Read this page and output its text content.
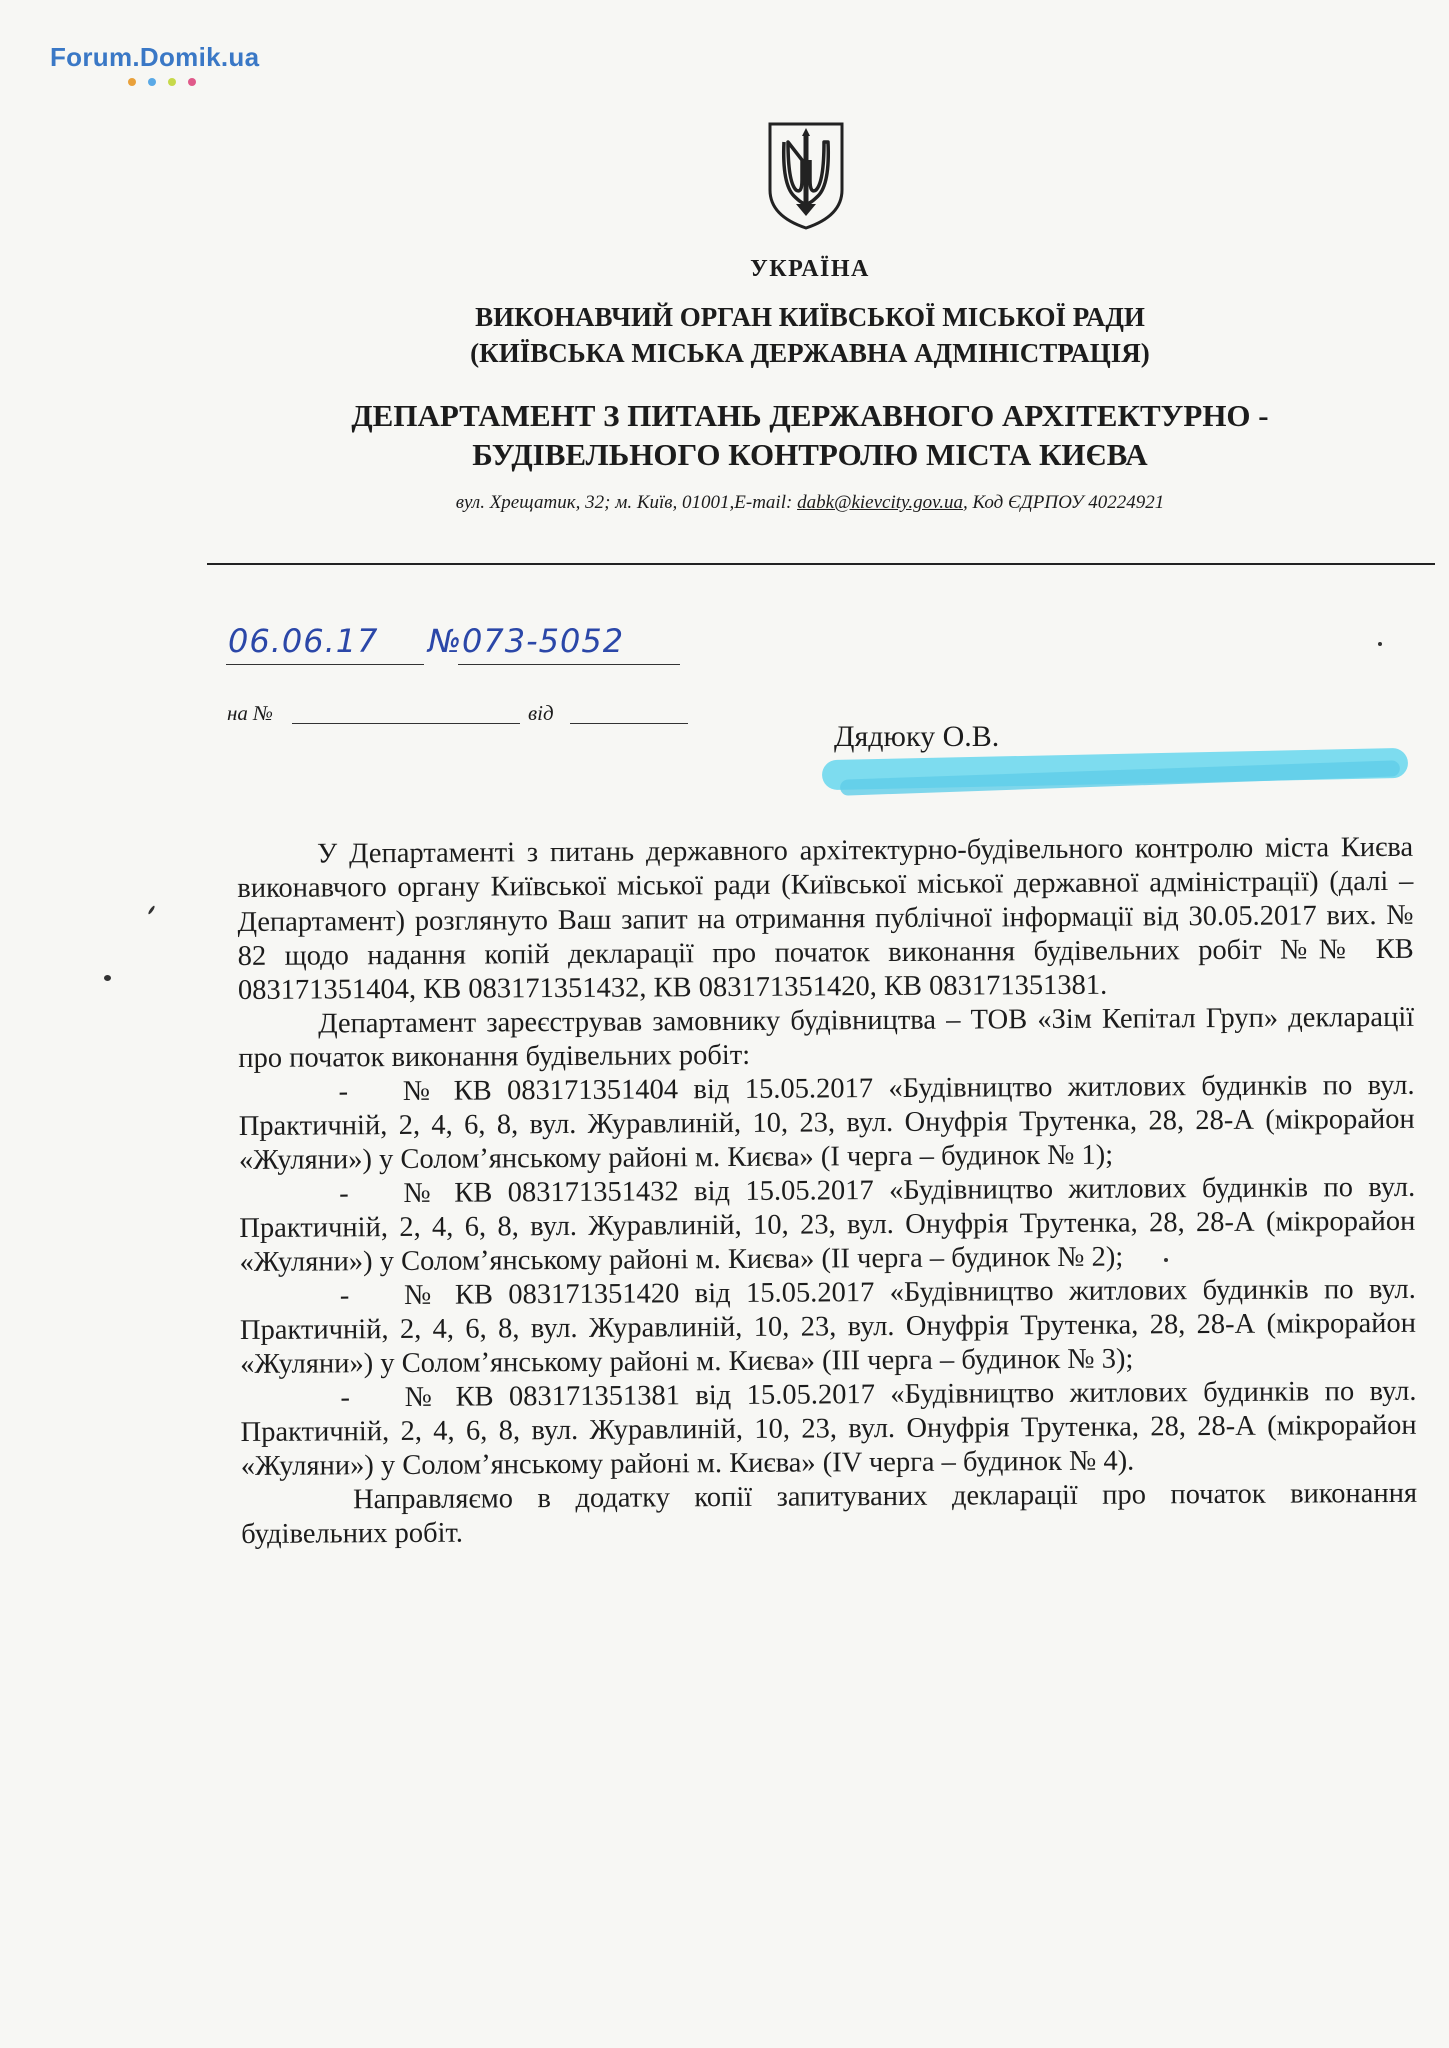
Forum.Domik.ua
УКРАЇНА
ВИКОНАВЧИЙ ОРГАН КИЇВСЬКОЇ МІСЬКОЇ РАДИ
(КИЇВСЬКА МІСЬКА ДЕРЖАВНА АДМІНІСТРАЦІЯ)
ДЕПАРТАМЕНТ З ПИТАНЬ ДЕРЖАВНОГО АРХІТЕКТУРНО -
БУДІВЕЛЬНОГО КОНТРОЛЮ МІСТА КИЄВА
вул. Хрещатик, 32; м. Київ, 01001,E-mail: dabk@kievcity.gov.ua, Код ЄДРПОУ 40224921
06.06.17 № 073-5052
на №	від
Дядюку О.В.

У Департаменті з питань державного архітектурно-будівельного контролю міста Києва виконавчого органу Київської міської ради (Київської міської державної адміністрації) (далі – Департамент) розглянуто Ваш запит на отримання публічної інформації від 30.05.2017 вих. № 82 щодо надання копій декларації про початок виконання будівельних робіт №№ КВ 083171351404, КВ 083171351432, КВ 083171351420, КВ 083171351381.

Департамент зареєстрував замовнику будівництва – ТОВ «Зім Кепітал Груп» декларації про початок виконання будівельних робіт:

- № КВ 083171351404 від 15.05.2017 «Будівництво житлових будинків по вул. Практичній, 2, 4, 6, 8, вул. Журавлиній, 10, 23, вул. Онуфрія Трутенка, 28, 28-А (мікрорайон «Жуляни») у Солом’янському районі м. Києва» (І черга – будинок № 1);

- № КВ 083171351432 від 15.05.2017 «Будівництво житлових будинків по вул. Практичній, 2, 4, 6, 8, вул. Журавлиній, 10, 23, вул. Онуфрія Трутенка, 28, 28-А (мікрорайон «Жуляни») у Солом’янському районі м. Києва» (ІІ черга – будинок № 2);

- № КВ 083171351420 від 15.05.2017 «Будівництво житлових будинків по вул. Практичній, 2, 4, 6, 8, вул. Журавлиній, 10, 23, вул. Онуфрія Трутенка, 28, 28-А (мікрорайон «Жуляни») у Солом’янському районі м. Києва» (ІІІ черга – будинок № 3);

- № КВ 083171351381 від 15.05.2017 «Будівництво житлових будинків по вул. Практичній, 2, 4, 6, 8, вул. Журавлиній, 10, 23, вул. Онуфрія Трутенка, 28, 28-А (мікрорайон «Жуляни») у Солом’янському районі м. Києва» (IV черга – будинок № 4).

Направляємо в додатку копії запитуваних декларації про початок виконання будівельних робіт.
